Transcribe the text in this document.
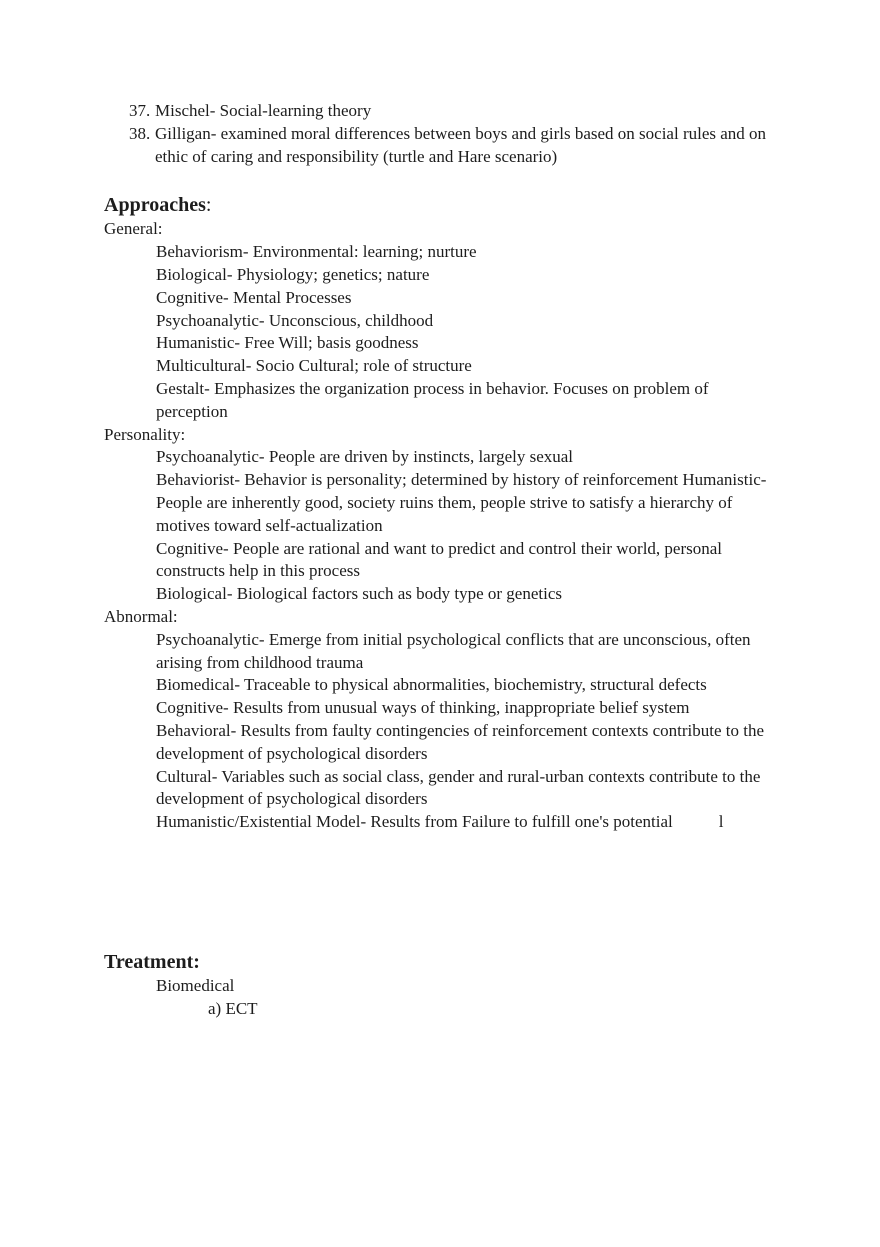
37. Mischel- Social-learning theory
38. Gilligan- examined moral differences between boys and girls based on social rules and on
ethic of caring and responsibility (turtle and Hare scenario)
Approaches:
General:
Behaviorism- Environmental: learning; nurture
Biological- Physiology; genetics; nature
Cognitive- Mental Processes
Psychoanalytic- Unconscious, childhood
Humanistic- Free Will; basis goodness
Multicultural- Socio Cultural; role of structure
Gestalt- Emphasizes the organization process in behavior. Focuses on problem of
perception
Personality:
Psychoanalytic- People are driven by instincts, largely sexual
Behaviorist- Behavior is personality; determined by history of reinforcement Humanistic-
People are inherently good, society ruins them, people strive to satisfy a hierarchy of
motives toward self-actualization
Cognitive- People are rational and want to predict and control their world, personal
constructs help in this process
Biological- Biological factors such as body type or genetics
Abnormal:
Psychoanalytic- Emerge from initial psychological conflicts that are unconscious, often
arising from childhood trauma
Biomedical- Traceable to physical abnormalities, biochemistry, structural defects
Cognitive- Results from unusual ways of thinking, inappropriate belief system
Behavioral- Results from faulty contingencies of reinforcement contexts contribute to the
development of psychological disorders
Cultural- Variables such as social class, gender and rural-urban contexts contribute to the
development of psychological disorders
Humanistic/Existential Model- Results from Failure to fulfill one's potential	l
Treatment:
Biomedical
a) ECT
